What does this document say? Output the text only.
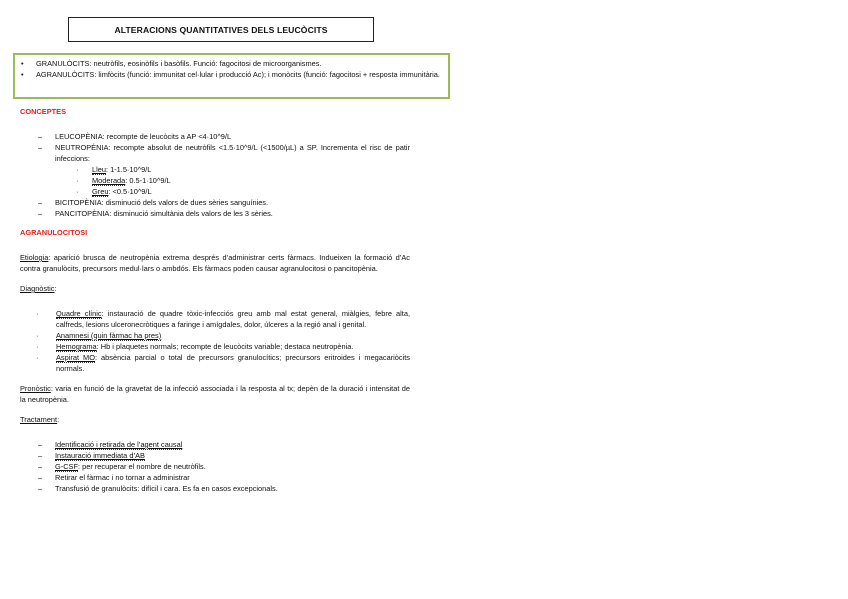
ALTERACIONS QUANTITATIVES DELS LEUCÒCITS
•	GRANULÒCITS: neutròfils, eosinòfils i basòfils. Funció: fagocitosi de microorganismes.
•	AGRANULÒCITS: limfòcits (funció: immunitat cel·lular i producció Ac); i monòcits (funció: fagocitosi + resposta immunitària.
CONCEPTES
–	LEUCOPÈNIA: recompte de leucòcits a AP <4·10^9/L
–	NEUTROPÈNIA: recompte absolut de neutròfils <1.5·10^9/L (<1500/µL) a SP. Incrementa el risc de patir infeccions:
·	Lleu: 1-1.5·10^9/L
·	Moderada: 0.5-1·10^9/L
·	Greu: <0.5·10^9/L
–	BICITOPÈNIA: disminució dels valors de dues sèries sanguínies.
–	PANCITOPÈNIA: disminució simultània dels valors de les 3 sèries.
AGRANULOCITOSI
Etiologia: aparició brusca de neutropènia extrema després d’administrar certs fàrmacs. Indueixen la formació d’Ac contra granulòcits, precursors medul·lars o ambdós. Els fàrmacs poden causar agranulocitosi o pancitopènia.
Diagnòstic:
·	Quadre clínic: instauració de quadre tòxic-infecciós greu amb mal estat general, miàlgies, febre alta, calfreds, lesions ulceronecròtiques a faringe i amígdales, dolor, úlceres a la regió anal i genital.
·	Anamnesi (quin fàrmac ha pres)
·	Hemograma: Hb i plaquetes normals; recompte de leucòcits variable; destaca neutropènia.
·	Aspirat MO: absència parcial o total de precursors granulocítics; precursors eritroides i megacariòcits normals.
Pronòstic: varia en funció de la gravetat de la infecció associada i la resposta al tx; depèn de la duració i intensitat de la neutropènia.
Tractament:
–	Identificació i retirada de l’agent causal
–	Instauració immediata d’AB
–	G-CSF: per recuperar el nombre de neutròfils.
–	Retirar el fàrmac i no tornar a administrar
–	Transfusió de granulòcits: difícil i cara. Es fa en casos excepcionals.
